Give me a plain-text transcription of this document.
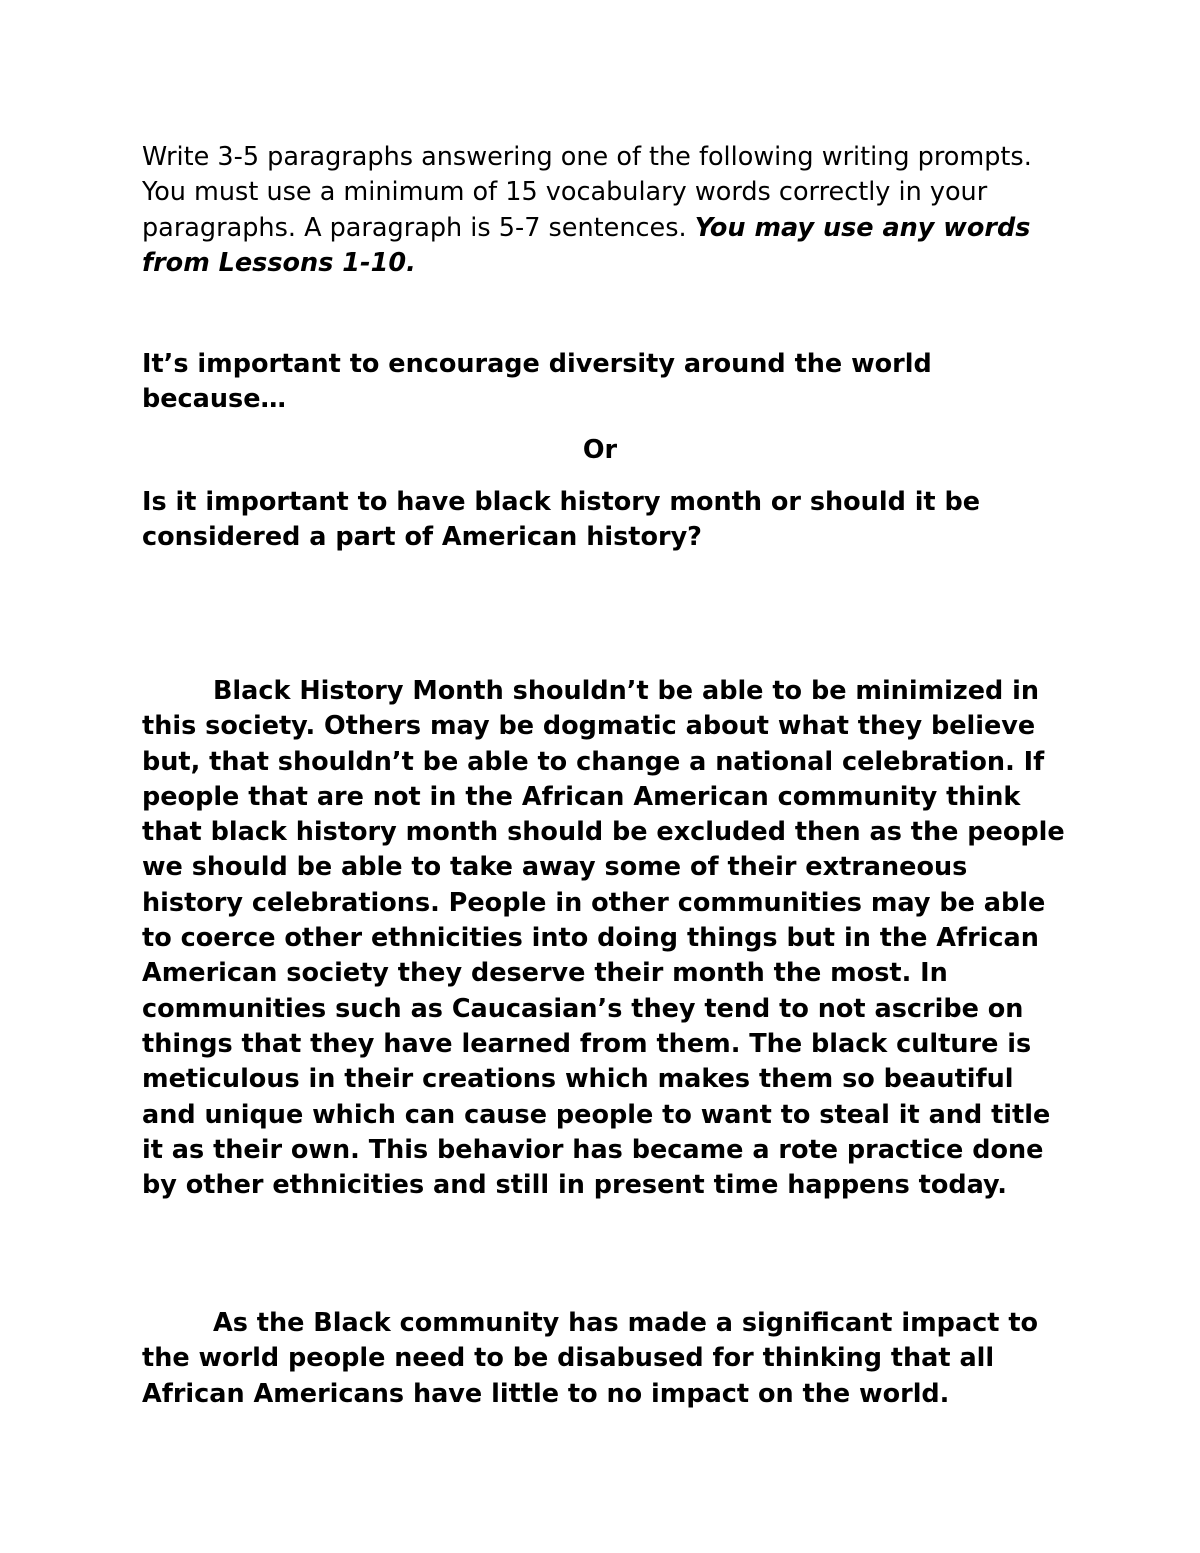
Write 3-5 paragraphs answering one of the following writing prompts. You must use a minimum of 15 vocabulary words correctly in your paragraphs. A paragraph is 5-7 sentences. You may use any words from Lessons 1-10.

It’s important to encourage diversity around the world because…

Or

Is it important to have black history month or should it be considered a part of American history?

Black History Month shouldn’t be able to be minimized in this society. Others may be dogmatic about what they believe but, that shouldn’t be able to change a national celebration. If people that are not in the African American community think that black history month should be excluded then as the people we should be able to take away some of their extraneous history celebrations. People in other communities may be able to coerce other ethnicities into doing things but in the African American society they deserve their month the most. In communities such as Caucasian’s they tend to not ascribe on things that they have learned from them. The black culture is meticulous in their creations which makes them so beautiful and unique which can cause people to want to steal it and title it as their own. This behavior has became a rote practice done by other ethnicities and still in present time happens today.

As the Black community has made a significant impact to the world people need to be disabused for thinking that all African Americans have little to no impact on the world.
